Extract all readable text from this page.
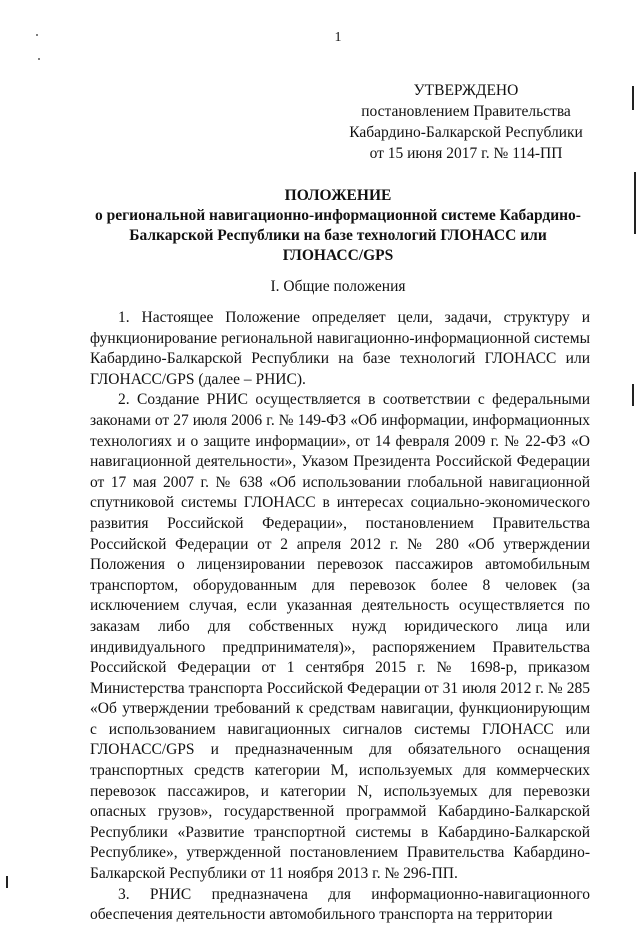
1
УТВЕРЖДЕНО
постановлением Правительства
Кабардино-Балкарской Республики
от 15 июня 2017 г. № 114-ПП
ПОЛОЖЕНИЕ
о региональной навигационно-информационной системе Кабардино-
Балкарской Республики на базе технологий ГЛОНАСС или
ГЛОНАСС/GPS
I. Общие положения

1. Настоящее Положение определяет цели, задачи, структуру и функционирование региональной навигационно-информационной системы Кабардино-Балкарской Республики на базе технологий ГЛОНАСС или ГЛОНАСС/GPS (далее – РНИС).

2. Создание РНИС осуществляется в соответствии с федеральными законами от 27 июля 2006 г. № 149-ФЗ «Об информации, информационных технологиях и о защите информации», от 14 февраля 2009 г. № 22-ФЗ «О навигационной деятельности», Указом Президента Российской Федерации от 17 мая 2007 г. № 638 «Об использовании глобальной навигационной спутниковой системы ГЛОНАСС в интересах социально-экономического развития Российской Федерации», постановлением Правительства Российской Федерации от 2 апреля 2012 г. № 280 «Об утверждении Положения о лицензировании перевозок пассажиров автомобильным транспортом, оборудованным для перевозок более 8 человек (за исключением случая, если указанная деятельность осуществляется по заказам либо для собственных нужд юридического лица или индивидуального предпринимателя)», распоряжением Правительства Российской Федерации от 1 сентября 2015 г. № 1698-р, приказом Министерства транспорта Российской Федерации от 31 июля 2012 г. № 285 «Об утверждении требований к средствам навигации, функционирующим с использованием навигационных сигналов системы ГЛОНАСС или ГЛОНАСС/GPS и предназначенным для обязательного оснащения транспортных средств категории М, используемых для коммерческих перевозок пассажиров, и категории N, используемых для перевозки опасных грузов», государственной программой Кабардино-Балкарской Республики «Развитие транспортной системы в Кабардино-Балкарской Республике», утвержденной постановлением Правительства Кабардино-Балкарской Республики от 11 ноября 2013 г. № 296-ПП.

3. РНИС предназначена для информационно-навигационного обеспечения деятельности автомобильного транспорта на территории
